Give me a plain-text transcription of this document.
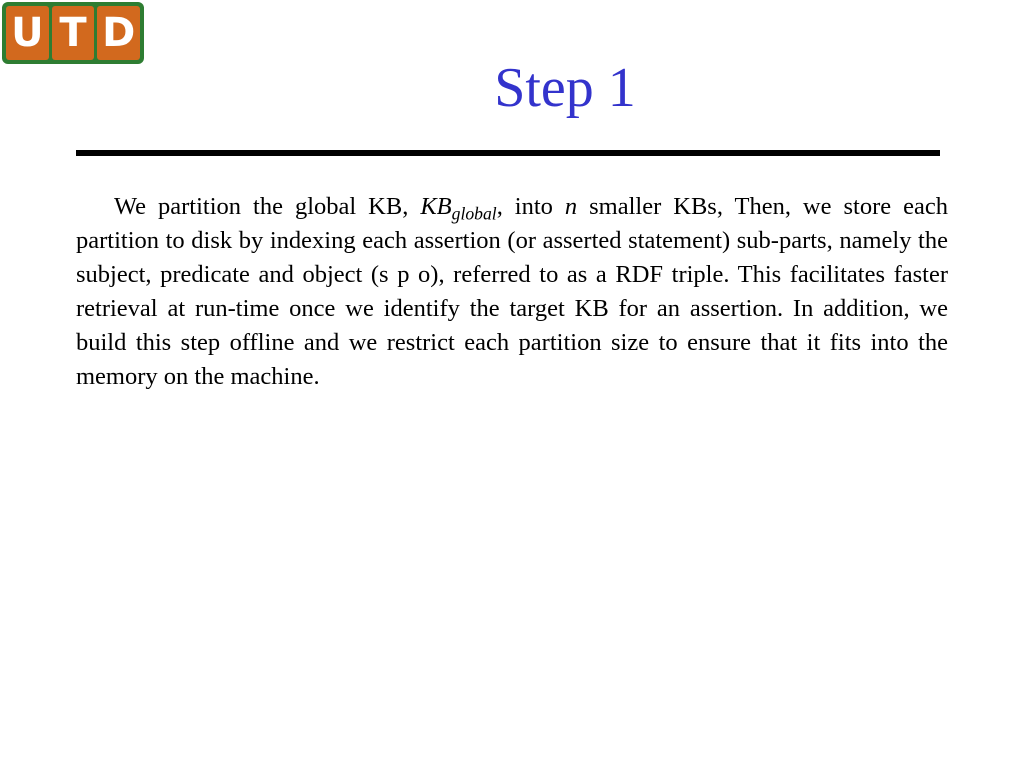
U T D
Step 1

We partition the global KB, $KB_{global}$, into n smaller KBs, Then, we store each partition to disk by indexing each assertion (or asserted statement) sub-parts, namely the subject, predicate and object (s p o), referred to as a RDF triple. This facilitates faster retrieval at run-time once we identify the target KB for an assertion. In addition, we build this step offline and we restrict each partition size to ensure that it fits into the memory on the machine.
